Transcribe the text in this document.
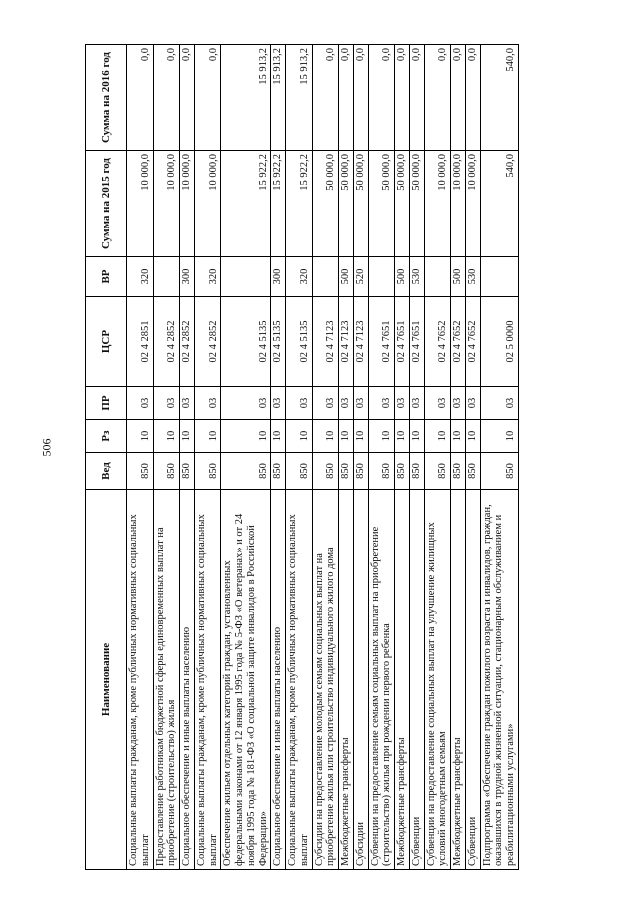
506
Наименование	Вед	Рз	ПР	ЦСР	ВР	Сумма на 2015 год	Сумма на 2016 год
Социальные выплаты гражданам, кроме публичных нормативных социальных выплат	850	10	03	02 4 2851	320	10 000,0	0,0
Предоставление работникам бюджетной сферы единовременных выплат на приобретение (строительство) жилья	850	10	03	02 4 2852		10 000,0	0,0
Социальное обеспечение и иные выплаты населению	850	10	03	02 4 2852	300	10 000,0	0,0
Социальные выплаты гражданам, кроме публичных нормативных социальных выплат	850	10	03	02 4 2852	320	10 000,0	0,0
Обеспечение жильем отдельных категорий граждан, установленных федеральными законами от 12 января 1995 года № 5-ФЗ «О ветеранах» и от 24 ноября 1995 года № 181-ФЗ «О социальной защите инвалидов в Российской Федерации»	850	10	03	02 4 5135		15 922,2	15 913,2
Социальное обеспечение и иные выплаты населению	850	10	03	02 4 5135	300	15 922,2	15 913,2
Социальные выплаты гражданам, кроме публичных нормативных социальных выплат	850	10	03	02 4 5135	320	15 922,2	15 913,2
Субсидии на предоставление молодым семьям социальных выплат на приобретение жилья или строительство индивидуального жилого дома	850	10	03	02 4 7123		50 000,0	0,0
Межбюджетные трансферты	850	10	03	02 4 7123	500	50 000,0	0,0
Субсидии	850	10	03	02 4 7123	520	50 000,0	0,0
Субвенции на предоставление семьям социальных выплат на приобретение (строительство) жилья при рождении первого ребенка	850	10	03	02 4 7651		50 000,0	0,0
Межбюджетные трансферты	850	10	03	02 4 7651	500	50 000,0	0,0
Субвенции	850	10	03	02 4 7651	530	50 000,0	0,0
Субвенции на предоставление социальных выплат на улучшение жилищных условий многодетным семьям	850	10	03	02 4 7652		10 000,0	0,0
Межбюджетные трансферты	850	10	03	02 4 7652	500	10 000,0	0,0
Субвенции	850	10	03	02 4 7652	530	10 000,0	0,0
Подпрограмма «Обеспечение граждан пожилого возраста и инвалидов, граждан, оказавшихся в трудной жизненной ситуации, стационарным обслуживанием и реабилитационными услугами»	850	10	03	02 5 0000		540,0	540,0
